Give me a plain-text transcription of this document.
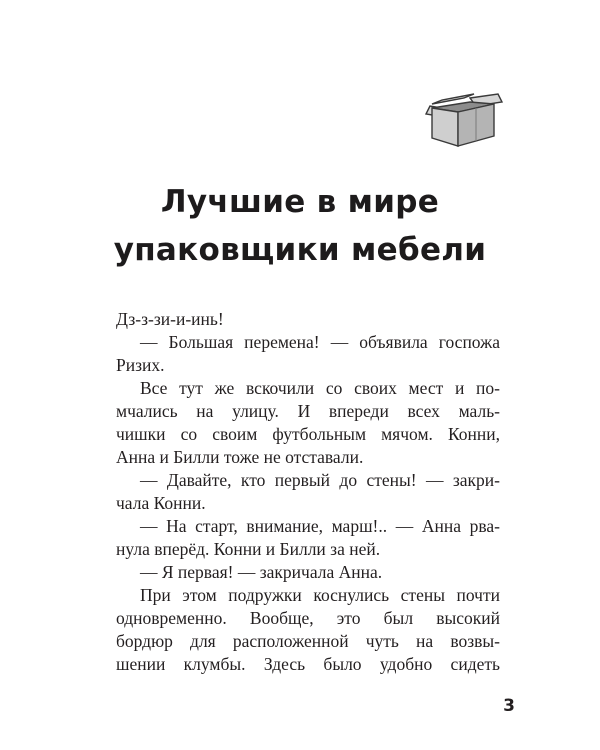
Лучшие в мире
упаковщики мебели
Дз-з-зи-и-инь!
— Большая перемена! — объявила госпожа
Ризих.
Все тут же вскочили со своих мест и по-
мчались на улицу. И впереди всех маль-
чишки со своим футбольным мячом. Конни,
Анна и Билли тоже не отставали.
— Давайте, кто первый до стены! — закри-
чала Конни.
— На старт, внимание, марш!.. — Анна рва-
нула вперёд. Конни и Билли за ней.
— Я первая! — закричала Анна.
При этом подружки коснулись стены почти
одновременно. Вообще, это был высокий
бордюр для расположенной чуть на возвы-
шении клумбы. Здесь было удобно сидеть
3
